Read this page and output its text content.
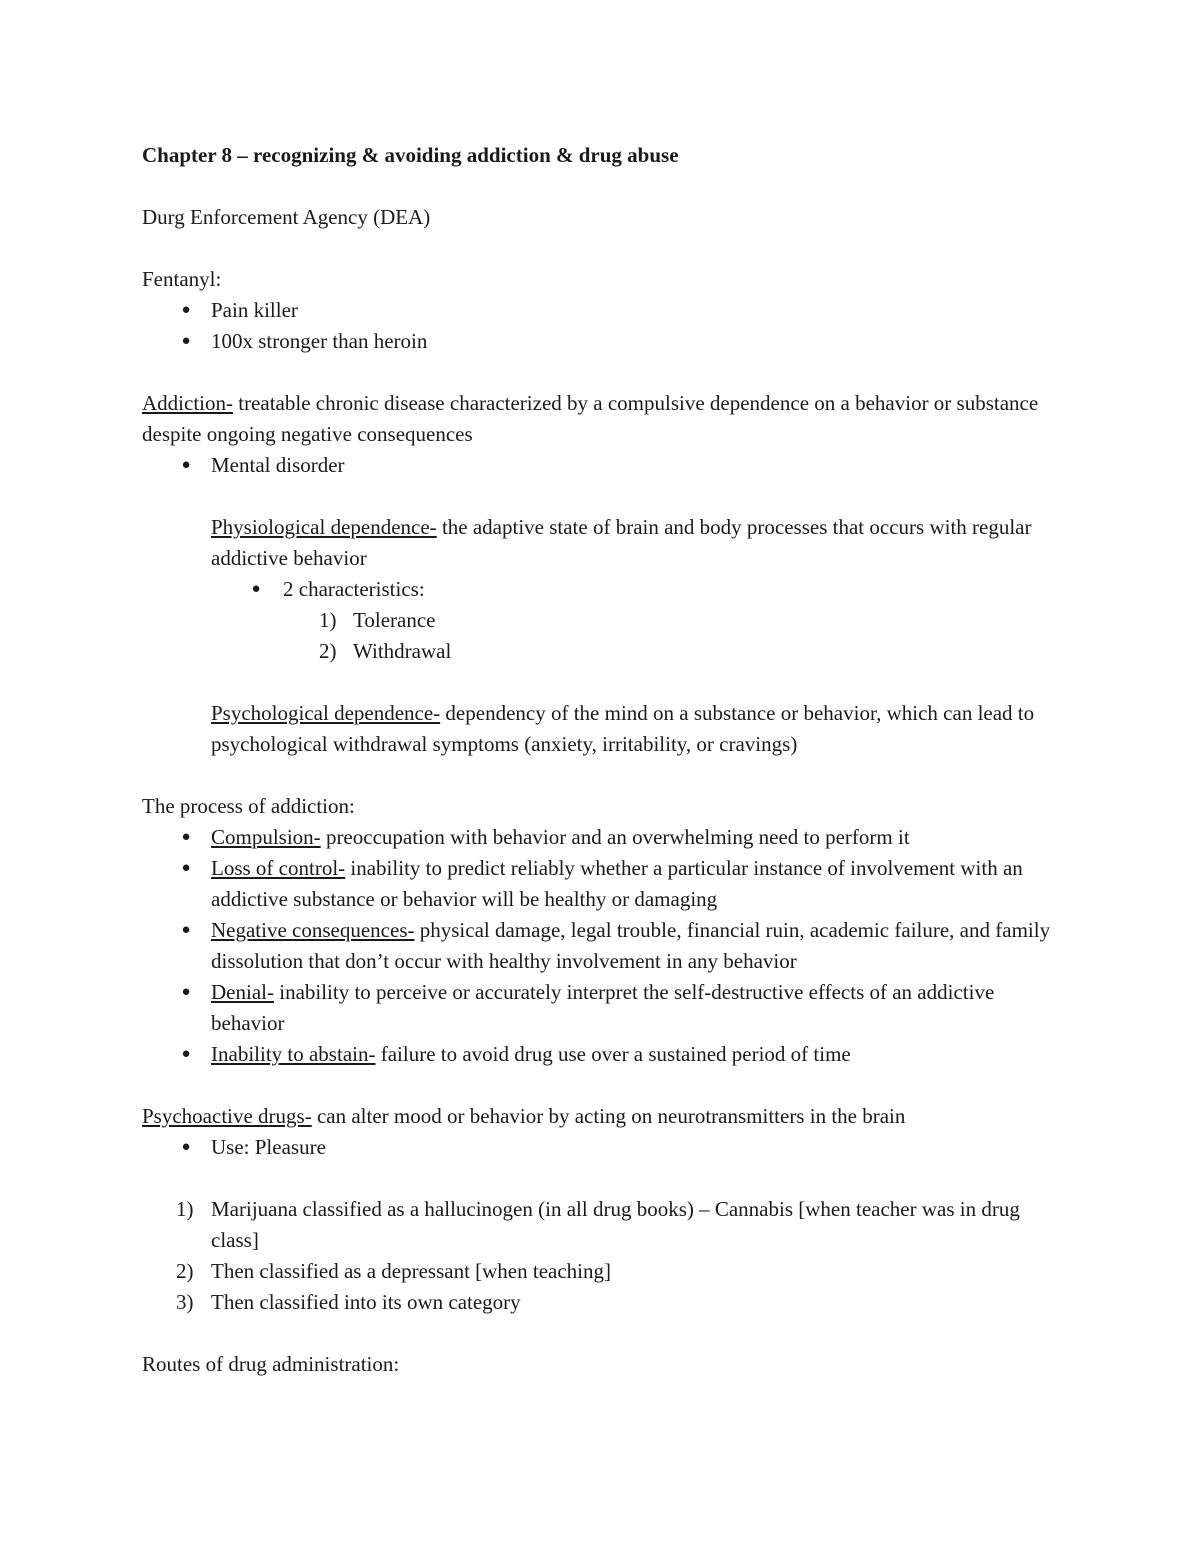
Chapter 8 – recognizing & avoiding addiction & drug abuse

Durg Enforcement Agency (DEA)

Fentanyl:

● Pain killer
● 100x stronger than heroin

Addiction- treatable chronic disease characterized by a compulsive dependence on a behavior or substance despite ongoing negative consequences

● Mental disorder

Physiological dependence- the adaptive state of brain and body processes that occurs with regular addictive behavior

● 2 characteristics:
1) Tolerance
2) Withdrawal

Psychological dependence- dependency of the mind on a substance or behavior, which can lead to psychological withdrawal symptoms (anxiety, irritability, or cravings)

The process of addiction:

● Compulsion- preoccupation with behavior and an overwhelming need to perform it
● Loss of control- inability to predict reliably whether a particular instance of involvement with an addictive substance or behavior will be healthy or damaging
● Negative consequences- physical damage, legal trouble, financial ruin, academic failure, and family dissolution that don’t occur with healthy involvement in any behavior
● Denial- inability to perceive or accurately interpret the self-destructive effects of an addictive behavior
● Inability to abstain- failure to avoid drug use over a sustained period of time

Psychoactive drugs- can alter mood or behavior by acting on neurotransmitters in the brain

● Use: Pleasure
1) Marijuana classified as a hallucinogen (in all drug books) – Cannabis [when teacher was in drug class]
2) Then classified as a depressant [when teaching]
3) Then classified into its own category

Routes of drug administration:
